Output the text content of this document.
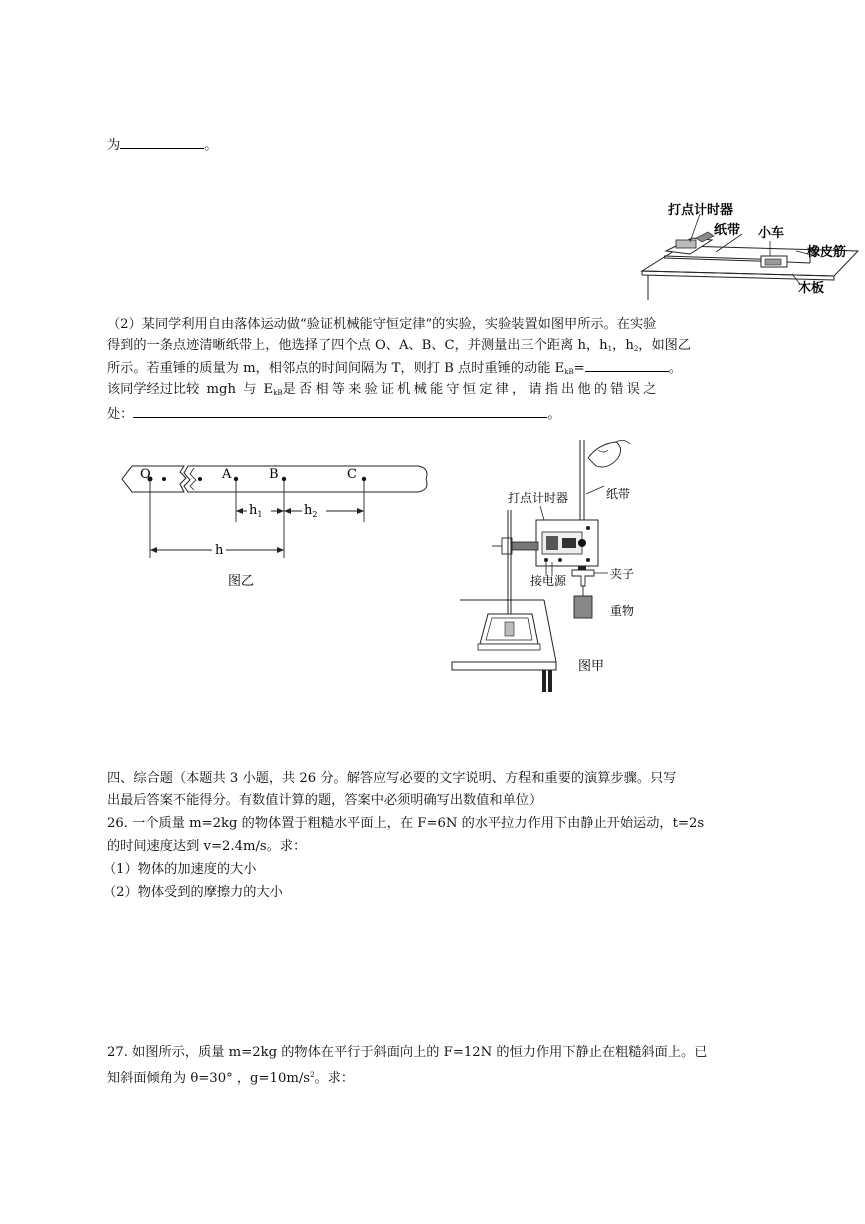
为	。
打点计时器
纸带 小车
橡皮筋
木板
（2）某同学利用自由落体运动做“验证机械能守恒定律”的实验，实验装置如图甲所示。在实验
得到的一条点迹清晰纸带上，他选择了四个点 O、A、B、C，并测量出三个距离 h，$h_1$，$h_2$，如图乙
所示。若重锤的质量为 m，相邻点的时间间隔为 T，则打 B 点时重锤的动能 $E_{kB}=$	。
该同学经过比较 mgh 与 $E_{kB}$是否相等来验证机械能守恒定律，请指出他的错误之
处：	。
O	A	B	C
$h_1$	$h_2$
h
图乙
纸带
打点计时器
接电源	夹子
重物
图甲
四、综合题（本题共 3 小题，共 26 分。解答应写必要的文字说明、方程和重要的演算步骤。只写
出最后答案不能得分。有数值计算的题，答案中必须明确写出数值和单位）
26. 一个质量 m=2kg 的物体置于粗糙水平面上，在 F=6N 的水平拉力作用下由静止开始运动，t=2s
的时间速度达到 v=2.4m/s。求：
（1）物体的加速度的大小
（2）物体受到的摩擦力的大小
27. 如图所示，质量 m=2kg 的物体在平行于斜面向上的 F=12N 的恒力作用下静止在粗糙斜面上。已
知斜面倾角为 θ=30° ，$g=10m/s^2$。求：
